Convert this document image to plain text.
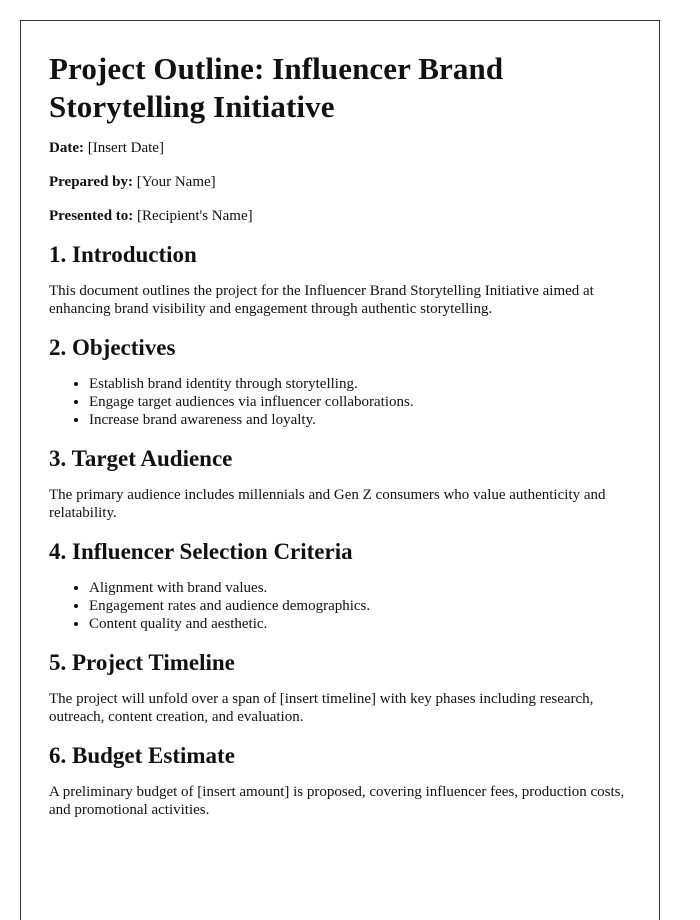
Project Outline: Influencer Brand Storytelling Initiative

Date: [Insert Date]

Prepared by: [Your Name]

Presented to: [Recipient's Name]

1. Introduction

This document outlines the project for the Influencer Brand Storytelling Initiative aimed at enhancing brand visibility and engagement through authentic storytelling.

2. Objectives
• Establish brand identity through storytelling.
• Engage target audiences via influencer collaborations.
• Increase brand awareness and loyalty.
3. Target Audience

The primary audience includes millennials and Gen Z consumers who value authenticity and relatability.

4. Influencer Selection Criteria
• Alignment with brand values.
• Engagement rates and audience demographics.
• Content quality and aesthetic.
5. Project Timeline

The project will unfold over a span of [insert timeline] with key phases including research, outreach, content creation, and evaluation.

6. Budget Estimate

A preliminary budget of [insert amount] is proposed, covering influencer fees, production costs, and promotional activities.
